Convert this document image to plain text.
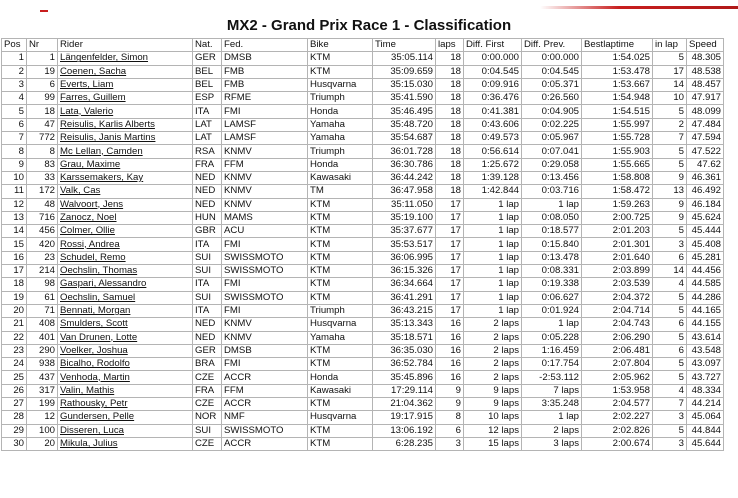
MX2 - Grand Prix Race 1 - Classification
Pos	Nr	Rider	Nat.	Fed.	Bike	Time	laps	Diff. First	Diff. Prev.	Bestlaptime	in lap	Speed
1	1	Längenfelder, Simon	GER	DMSB	KTM	35:05.114	18	0:00.000	0:00.000	1:54.025	5	48.305
2	19	Coenen, Sacha	BEL	FMB	KTM	35:09.659	18	0:04.545	0:04.545	1:53.478	17	48.538
3	6	Everts, Liam	BEL	FMB	Husqvarna	35:15.030	18	0:09.916	0:05.371	1:53.667	14	48.457
4	99	Farres, Guillem	ESP	RFME	Triumph	35:41.590	18	0:36.476	0:26.560	1:54.948	10	47.917
5	18	Lata, Valerio	ITA	FMI	Honda	35:46.495	18	0:41.381	0:04.905	1:54.515	5	48.099
6	47	Reisulis, Karlis Alberts	LAT	LAMSF	Yamaha	35:48.720	18	0:43.606	0:02.225	1:55.997	2	47.484
7	772	Reisulis, Janis Martins	LAT	LAMSF	Yamaha	35:54.687	18	0:49.573	0:05.967	1:55.728	7	47.594
8	8	Mc Lellan, Camden	RSA	KNMV	Triumph	36:01.728	18	0:56.614	0:07.041	1:55.903	5	47.522
9	83	Grau, Maxime	FRA	FFM	Honda	36:30.786	18	1:25.672	0:29.058	1:55.665	5	47.62
10	33	Karssemakers, Kay	NED	KNMV	Kawasaki	36:44.242	18	1:39.128	0:13.456	1:58.808	9	46.361
11	172	Valk, Cas	NED	KNMV	TM	36:47.958	18	1:42.844	0:03.716	1:58.472	13	46.492
12	48	Walvoort, Jens	NED	KNMV	KTM	35:11.050	17	1 lap	1 lap	1:59.263	9	46.184
13	716	Zanocz, Noel	HUN	MAMS	KTM	35:19.100	17	1 lap	0:08.050	2:00.725	9	45.624
14	456	Colmer, Ollie	GBR	ACU	KTM	35:37.677	17	1 lap	0:18.577	2:01.203	5	45.444
15	420	Rossi, Andrea	ITA	FMI	KTM	35:53.517	17	1 lap	0:15.840	2:01.301	3	45.408
16	23	Schudel, Remo	SUI	SWISSMOTO	KTM	36:06.995	17	1 lap	0:13.478	2:01.640	6	45.281
17	214	Oechslin, Thomas	SUI	SWISSMOTO	KTM	36:15.326	17	1 lap	0:08.331	2:03.899	14	44.456
18	98	Gaspari, Alessandro	ITA	FMI	KTM	36:34.664	17	1 lap	0:19.338	2:03.539	4	44.585
19	61	Oechslin, Samuel	SUI	SWISSMOTO	KTM	36:41.291	17	1 lap	0:06.627	2:04.372	5	44.286
20	71	Bennati, Morgan	ITA	FMI	Triumph	36:43.215	17	1 lap	0:01.924	2:04.714	5	44.165
21	408	Smulders, Scott	NED	KNMV	Husqvarna	35:13.343	16	2 laps	1 lap	2:04.743	6	44.155
22	401	Van Drunen, Lotte	NED	KNMV	Yamaha	35:18.571	16	2 laps	0:05.228	2:06.290	5	43.614
23	290	Voelker, Joshua	GER	DMSB	KTM	36:35.030	16	2 laps	1:16.459	2:06.481	6	43.548
24	938	Bicalho, Rodolfo	BRA	FMI	KTM	36:52.784	16	2 laps	0:17.754	2:07.804	5	43.097
25	437	Venhoda, Martin	CZE	ACCR	Honda	35:45.896	16	2 laps	-2:53.112	2:05.962	5	43.727
26	317	Valin, Mathis	FRA	FFM	Kawasaki	17:29.114	9	9 laps	7 laps	1:53.958	4	48.334
27	199	Rathousky, Petr	CZE	ACCR	KTM	21:04.362	9	9 laps	3:35.248	2:04.577	7	44.214
28	12	Gundersen, Pelle	NOR	NMF	Husqvarna	19:17.915	8	10 laps	1 lap	2:02.227	3	45.064
29	100	Disseren, Luca	SUI	SWISSMOTO	KTM	13:06.192	6	12 laps	2 laps	2:02.826	5	44.844
30	20	Mikula, Julius	CZE	ACCR	KTM	6:28.235	3	15 laps	3 laps	2:00.674	3	45.644
